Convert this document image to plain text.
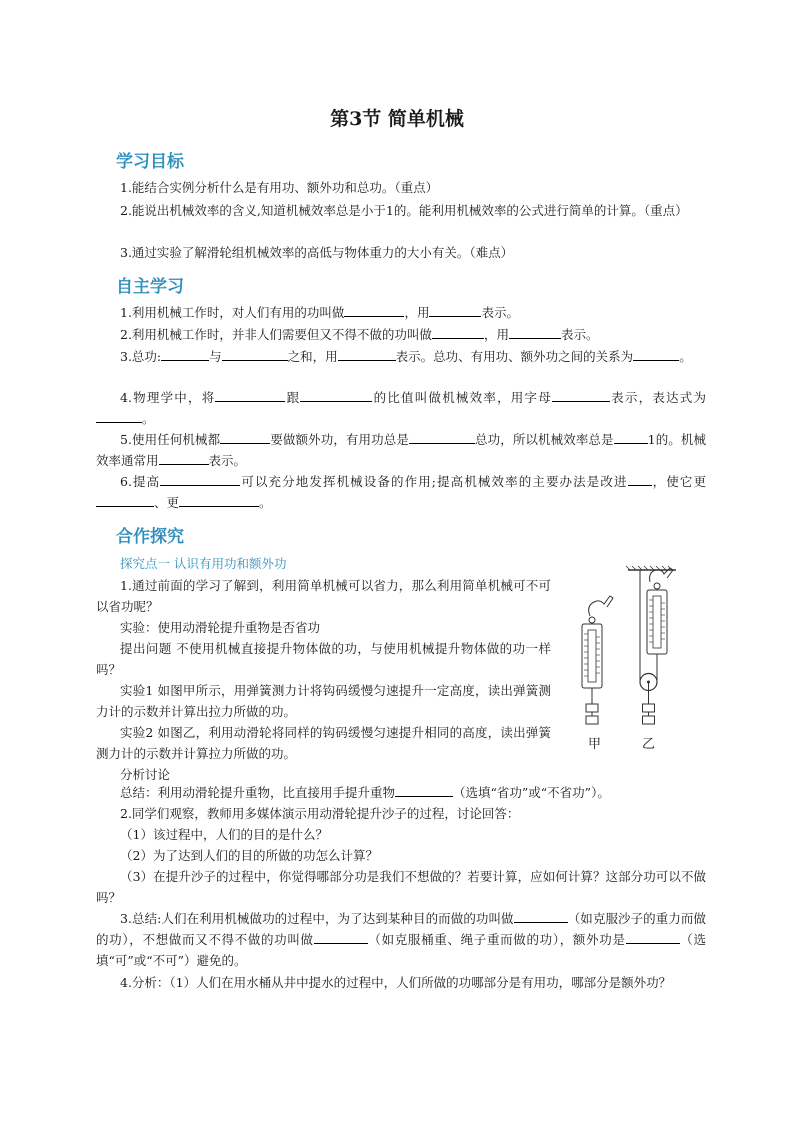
第3节 简单机械
学习目标
1.能结合实例分析什么是有用功、额外功和总功。（重点）
2.能说出机械效率的含义,知道机械效率总是小于1的。能利用机械效率的公式进行简单的计算。（重点）
3.通过实验了解滑轮组机械效率的高低与物体重力的大小有关。（难点）
自主学习
1.利用机械工作时，对人们有用的功叫做	，用	表示。
2.利用机械工作时，并非人们需要但又不得不做的功叫做	，用	表示。
3.总功:	与	之和，用	表示。总功、有用功、额外功之间的关系为	。
4.物理学中，将	跟	的比值叫做机械效率，用字母	表示，表达式为。
5.使用任何机械都	要做额外功，有用功总是	总功，所以机械效率总是	1的。机械效率通常用	表示。
6.提高	可以充分地发挥机械设备的作用;提高机械效率的主要办法是改进 ，使它更、更	。
合作探究
探究点一 认识有用功和额外功
1.通过前面的学习了解到，利用简单机械可以省力，那么利用简单机械可不可以省功呢？
实验：使用动滑轮提升重物是否省功
提出问题 不使用机械直接提升物体做的功，与使用机械提升物体做的功一样吗？
实验1 如图甲所示，用弹簧测力计将钩码缓慢匀速提升一定高度，读出弹簧测力计的示数并计算出拉力所做的功。
实验2 如图乙，利用动滑轮将同样的钩码缓慢匀速提升相同的高度，读出弹簧测力计的示数并计算拉力所做的功。
分析讨论
总结：利用动滑轮提升重物，比直接用手提升重物	（选填“省功”或“不省功”）。
2.同学们观察，教师用多媒体演示用动滑轮提升沙子的过程，讨论回答：
（1）该过程中，人们的目的是什么？
（2）为了达到人们的目的所做的功怎么计算？
（3）在提升沙子的过程中，你觉得哪部分功是我们不想做的？若要计算，应如何计算？这部分功可以不做吗？
3.总结:人们在利用机械做功的过程中，为了达到某种目的而做的功叫做	（如克服沙子的重力而做的功），不想做而又不得不做的功叫做	（如克服桶重、绳子重而做的功），额外功是	（选填“可”或“不可”）避免的。
4.分析：（1）人们在用水桶从井中提水的过程中，人们所做的功哪部分是有用功，哪部分是额外功？
甲	乙
